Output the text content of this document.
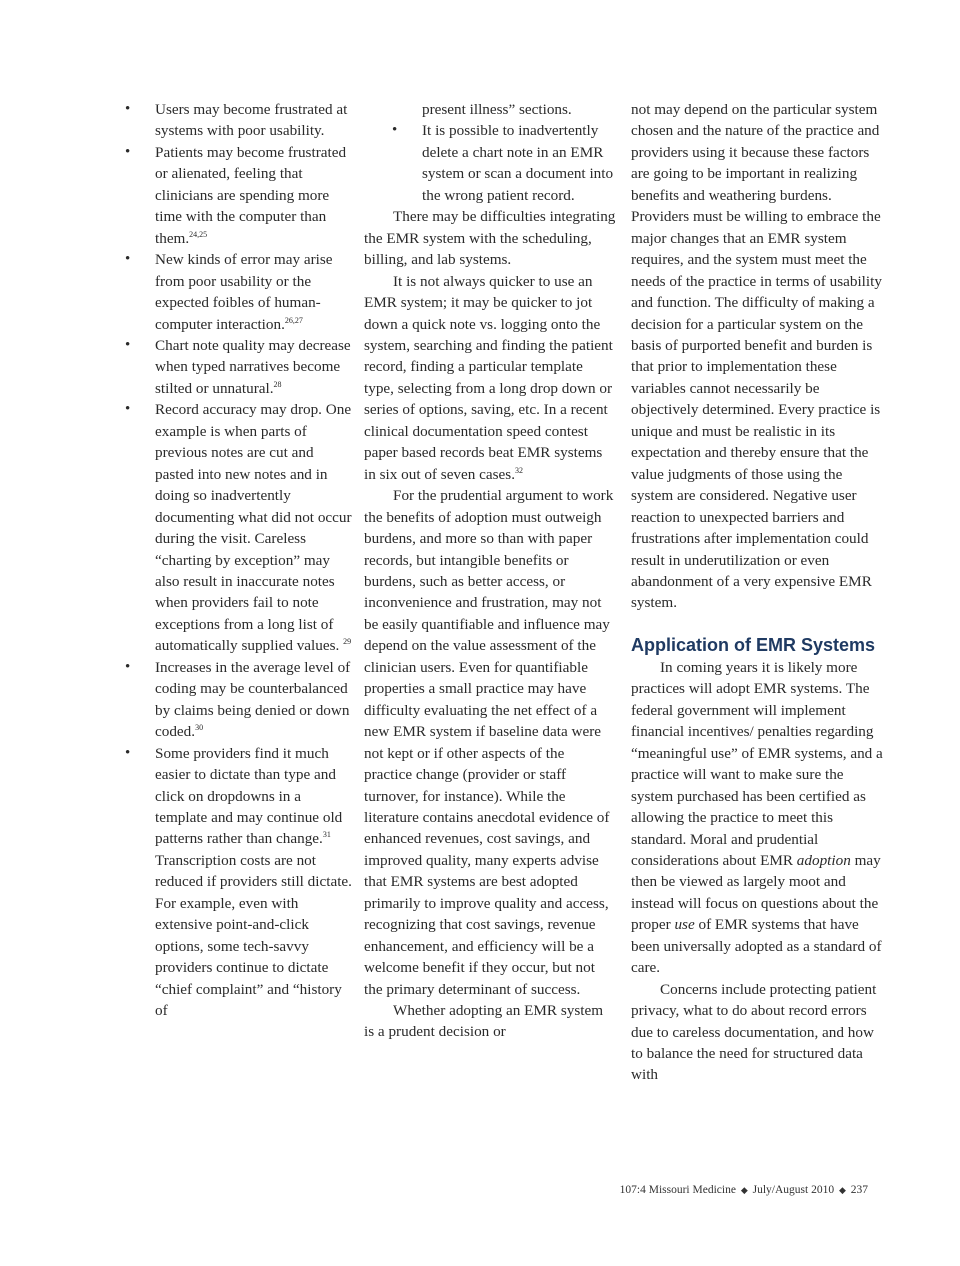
• Users may become frustrated at systems with poor usability.
• Patients may become frustrated or alienated, feeling that clinicians are spending more time with the computer than them.$^{24,25}$
• New kinds of error may arise from poor usability or the expected foibles of human-computer interaction.$^{26,27}$
• Chart note quality may decrease when typed narratives become stilted or unnatural.$^{28}$
• Record accuracy may drop. One example is when parts of previous notes are cut and pasted into new notes and in doing so inadvertently documenting what did not occur during the visit. Careless “charting by exception” may also result in inaccurate notes when providers fail to note exceptions from a long list of automatically supplied values. $^{29}$
• Increases in the average level of coding may be counterbalanced by claims being denied or down coded.$^{30}$
• Some providers find it much easier to dictate than type and click on dropdowns in a template and may continue old patterns rather than change.$^{31}$ Transcription costs are not reduced if providers still dictate. For example, even with extensive point-and-click options, some tech-savvy providers continue to dictate “chief complaint” and “history of

present illness” sections.

• It is possible to inadvertently delete a chart note in an EMR system or scan a document into the wrong patient record.

There may be difficulties integrating the EMR system with the scheduling, billing, and lab systems.

It is not always quicker to use an EMR system; it may be quicker to jot down a quick note vs. logging onto the system, searching and finding the patient record, finding a particular template type, selecting from a long drop down or series of options, saving, etc. In a recent clinical documentation speed contest paper based records beat EMR systems in six out of seven cases.$^{32}$

For the prudential argument to work the benefits of adoption must outweigh burdens, and more so than with paper records, but intangible benefits or burdens, such as better access, or inconvenience and frustration, may not be easily quantifiable and influence may depend on the value assessment of the clinician users. Even for quantifiable properties a small practice may have difficulty evaluating the net effect of a new EMR system if baseline data were not kept or if other aspects of the practice change (provider or staff turnover, for instance). While the literature contains anecdotal evidence of enhanced revenues, cost savings, and improved quality, many experts advise that EMR systems are best adopted primarily to improve quality and access, recognizing that cost savings, revenue enhancement, and efficiency will be a welcome benefit if they occur, but not the primary determinant of success.

Whether adopting an EMR system is a prudent decision or

not may depend on the particular system chosen and the nature of the practice and providers using it because these factors are going to be important in realizing benefits and weathering burdens. Providers must be willing to embrace the major changes that an EMR system requires, and the system must meet the needs of the practice in terms of usability and function. The difficulty of making a decision for a particular system on the basis of purported benefit and burden is that prior to implementation these variables cannot necessarily be objectively determined. Every practice is unique and must be realistic in its expectation and thereby ensure that the value judgments of those using the system are considered. Negative user reaction to unexpected barriers and frustrations after implementation could result in underutilization or even abandonment of a very expensive EMR system.

Application of EMR Systems

In coming years it is likely more practices will adopt EMR systems. The federal government will implement financial incentives/ penalties regarding “meaningful use” of EMR systems, and a practice will want to make sure the system purchased has been certified as allowing the practice to meet this standard. Moral and prudential considerations about EMR adoption may then be viewed as largely moot and instead will focus on questions about the proper use of EMR systems that have been universally adopted as a standard of care.

Concerns include protecting patient privacy, what to do about record errors due to careless documentation, and how to balance the need for structured data with

107:4 Missouri Medicine ◆ July/August 2010 ◆ 237
